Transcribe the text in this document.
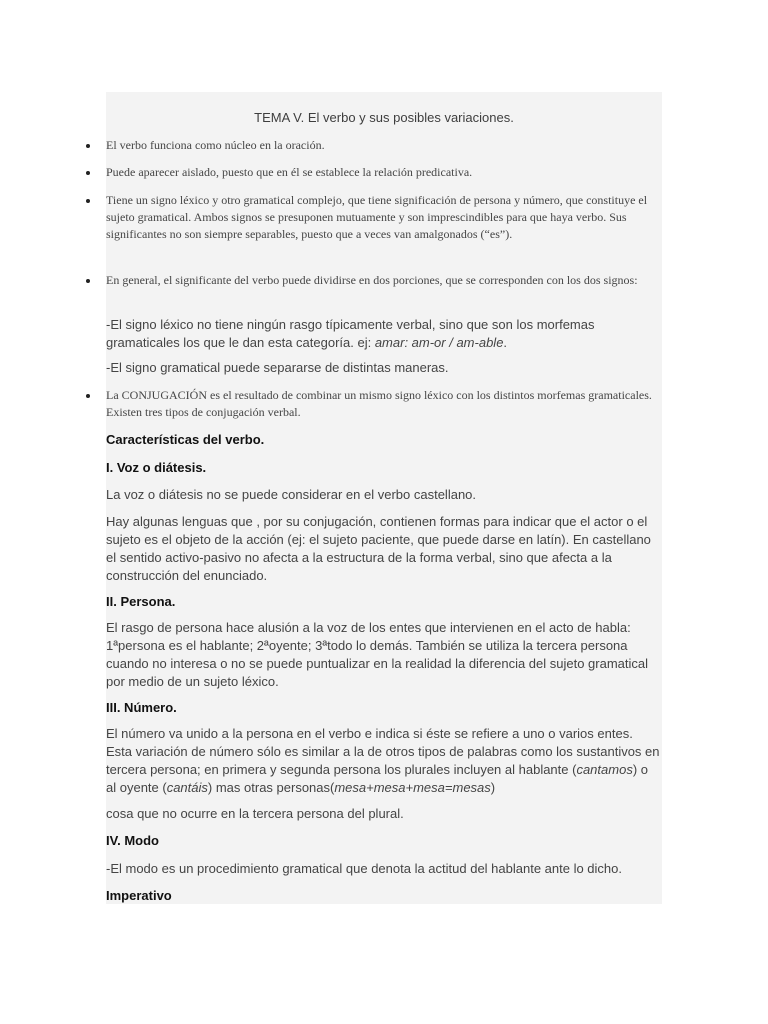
TEMA V. El verbo y sus posibles variaciones.

El verbo funciona como núcleo en la oración.

Puede aparecer aislado, puesto que en él se establece la relación predicativa.

Tiene un signo léxico y otro gramatical complejo, que tiene significación de persona y número, que constituye el sujeto gramatical. Ambos signos se presuponen mutuamente y son imprescindibles para que haya verbo. Sus significantes no son siempre separables, puesto que a veces van amalgonados (“es”).

En general, el significante del verbo puede dividirse en dos porciones, que se corresponden con los dos signos:

-El signo léxico no tiene ningún rasgo típicamente verbal, sino que son los morfemas gramaticales los que le dan esta categoría. ej: amar: am-or / am-able.

-El signo gramatical puede separarse de distintas maneras.

La CONJUGACIÓN es el resultado de combinar un mismo signo léxico con los distintos morfemas gramaticales. Existen tres tipos de conjugación verbal.

Características del verbo.

I. Voz o diátesis.

La voz o diátesis no se puede considerar en el verbo castellano.

Hay algunas lenguas que , por su conjugación, contienen formas para indicar que el actor o el sujeto es el objeto de la acción (ej: el sujeto paciente, que puede darse en latín). En castellano el sentido activo-pasivo no afecta a la estructura de la forma verbal, sino que afecta a la construcción del enunciado.

II. Persona.

El rasgo de persona hace alusión a la voz de los entes que intervienen en el acto de habla: 1ªpersona es el hablante; 2ªoyente; 3ªtodo lo demás. También se utiliza la tercera persona cuando no interesa o no se puede puntualizar en la realidad la diferencia del sujeto gramatical por medio de un sujeto léxico.

III. Número.

El número va unido a la persona en el verbo e indica si éste se refiere a uno o varios entes. Esta variación de número sólo es similar a la de otros tipos de palabras como los sustantivos en tercera persona; en primera y segunda persona los plurales incluyen al hablante (cantamos) o al oyente (cantáis) mas otras personas(mesa+mesa+mesa=mesas)

cosa que no ocurre en la tercera persona del plural.

IV. Modo

-El modo es un procedimiento gramatical que denota la actitud del hablante ante lo dicho.

Imperativo
